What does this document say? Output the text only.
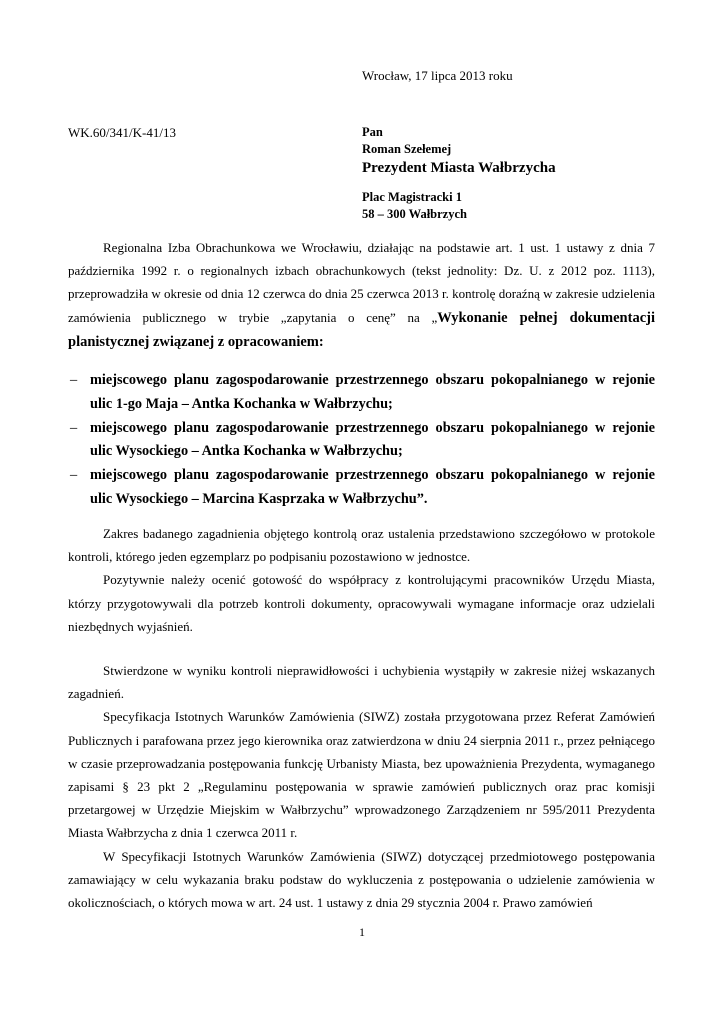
Wrocław, 17 lipca 2013 roku
WK.60/341/K-41/13	Pan
Roman Szełemej
Prezydent Miasta Wałbrzycha
Plac Magistracki 1
58 – 300 Wałbrzych

Regionalna Izba Obrachunkowa we Wrocławiu, działając na podstawie art. 1 ust. 1 ustawy z dnia 7 października 1992 r. o regionalnych izbach obrachunkowych (tekst jednolity: Dz. U. z 2012 poz. 1113), przeprowadziła w okresie od dnia 12 czerwca do dnia 25 czerwca 2013 r. kontrolę doraźną w zakresie udzielenia zamówienia publicznego w trybie „zapytania o cenę” na „Wykonanie pełnej dokumentacji planistycznej związanej z opracowaniem:

– miejscowego planu zagospodarowanie przestrzennego obszaru pokopalnianego w rejonie ulic 1-go Maja – Antka Kochanka w Wałbrzychu;
– miejscowego planu zagospodarowanie przestrzennego obszaru pokopalnianego w rejonie ulic Wysockiego – Antka Kochanka w Wałbrzychu;
– miejscowego planu zagospodarowanie przestrzennego obszaru pokopalnianego w rejonie ulic Wysockiego – Marcina Kasprzaka w Wałbrzychu”.

Zakres badanego zagadnienia objętego kontrolą oraz ustalenia przedstawiono szczegółowo w protokole kontroli, którego jeden egzemplarz po podpisaniu pozostawiono w jednostce.

Pozytywnie należy ocenić gotowość do współpracy z kontrolującymi pracowników Urzędu Miasta, którzy przygotowywali dla potrzeb kontroli dokumenty, opracowywali wymagane informacje oraz udzielali niezbędnych wyjaśnień.

Stwierdzone w wyniku kontroli nieprawidłowości i uchybienia wystąpiły w zakresie niżej wskazanych zagadnień.

Specyfikacja Istotnych Warunków Zamówienia (SIWZ) została przygotowana przez Referat Zamówień Publicznych i parafowana przez jego kierownika oraz zatwierdzona w dniu 24 sierpnia 2011 r., przez pełniącego w czasie przeprowadzania postępowania funkcję Urbanisty Miasta, bez upoważnienia Prezydenta, wymaganego zapisami § 23 pkt 2 „Regulaminu postępowania w sprawie zamówień publicznych oraz prac komisji przetargowej w Urzędzie Miejskim w Wałbrzychu” wprowadzonego Zarządzeniem nr 595/2011 Prezydenta Miasta Wałbrzycha z dnia 1 czerwca 2011 r.

W Specyfikacji Istotnych Warunków Zamówienia (SIWZ) dotyczącej przedmiotowego postępowania zamawiający w celu wykazania braku podstaw do wykluczenia z postępowania o udzielenie zamówienia w okolicznościach, o których mowa w art. 24 ust. 1 ustawy z dnia 29 stycznia 2004 r. Prawo zamówień

1
